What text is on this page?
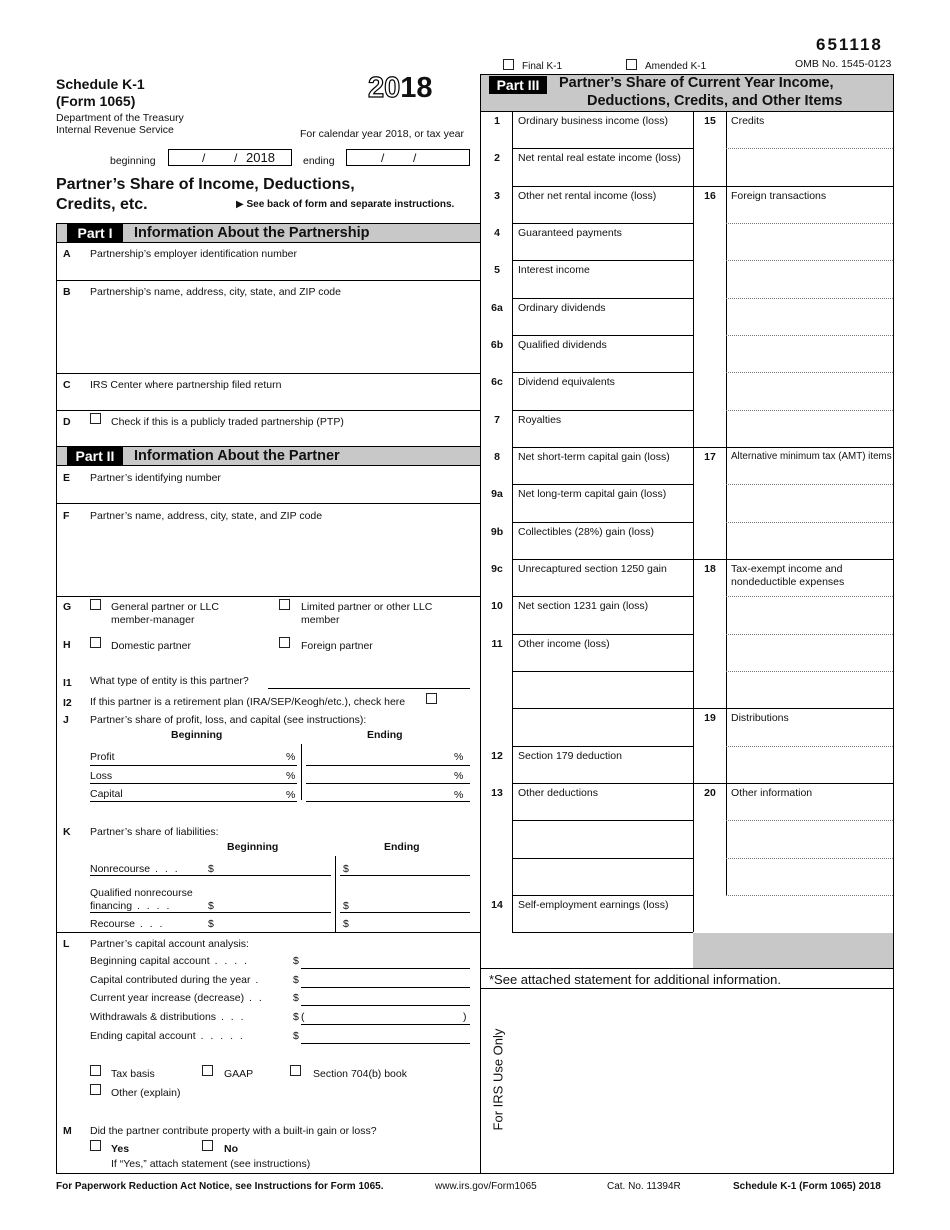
651118
Final K-1	Amended K-1	OMB No. 1545-0123
Schedule K-1
(Form 1065)
Department of the Treasury
Internal Revenue Service
2018
For calendar year 2018, or tax year
beginning	/ / 2018	ending	/ /
Partner’s Share of Income, Deductions,
Credits, etc.	▶ See back of form and separate instructions.
Part I	Information About the Partnership
A Partnership’s employer identification number
B Partnership’s name, address, city, state, and ZIP code
C IRS Center where partnership filed return
D	Check if this is a publicly traded partnership (PTP)
Part II	Information About the Partner
E Partner’s identifying number
F Partner’s name, address, city, state, and ZIP code
G	General partner or LLC
member-manager
Limited partner or other LLC
member
H	Domestic partner	Foreign partner
I1 What type of entity is this partner?
I2 If this partner is a retirement plan (IRA/SEP/Keogh/etc.), check here
J Partner’s share of profit, loss, and capital (see instructions):
Beginning	Ending
Profit	%	%
Loss	%	%
Capital	%	%
K Partner’s share of liabilities:
Beginning	Ending
Nonrecourse . . .	$	$
Qualified nonrecourse
financing . . . .	$	$
Recourse . . .	$	$
L Partner’s capital account analysis:
Beginning capital account . . . .	$
Capital contributed during the year .	$
Current year increase (decrease) . .	$
Withdrawals & distributions . . .	$ (	)
Ending capital account . . . . .	$
Tax basis	GAAP	Section 704(b) book
Other (explain)
M Did the partner contribute property with a built-in gain or loss?
Yes	No
If “Yes,” attach statement (see instructions)
Part III	Partner’s Share of Current Year Income,
Deductions, Credits, and Other Items
1	Ordinary business income (loss)
2	Net rental real estate income (loss)
3	Other net rental income (loss)
4	Guaranteed payments
5	Interest income
6a	Ordinary dividends
6b	Qualified dividends
6c	Dividend equivalents
7	Royalties
8	Net short-term capital gain (loss)
9a	Net long-term capital gain (loss)
9b	Collectibles (28%) gain (loss)
9c	Unrecaptured section 1250 gain
10	Net section 1231 gain (loss)
11	Other income (loss)
12	Section 179 deduction
13	Other deductions
14	Self-employment earnings (loss)
15	Credits
16	Foreign transactions
17	Alternative minimum tax (AMT) items
18	Tax-exempt income and
nondeductible expenses
19	Distributions
20	Other information
*See attached statement for additional information.
For IRS Use Only
For Paperwork Reduction Act Notice, see Instructions for Form 1065.	www.irs.gov/Form1065	Cat. No. 11394R	Schedule K-1 (Form 1065) 2018
